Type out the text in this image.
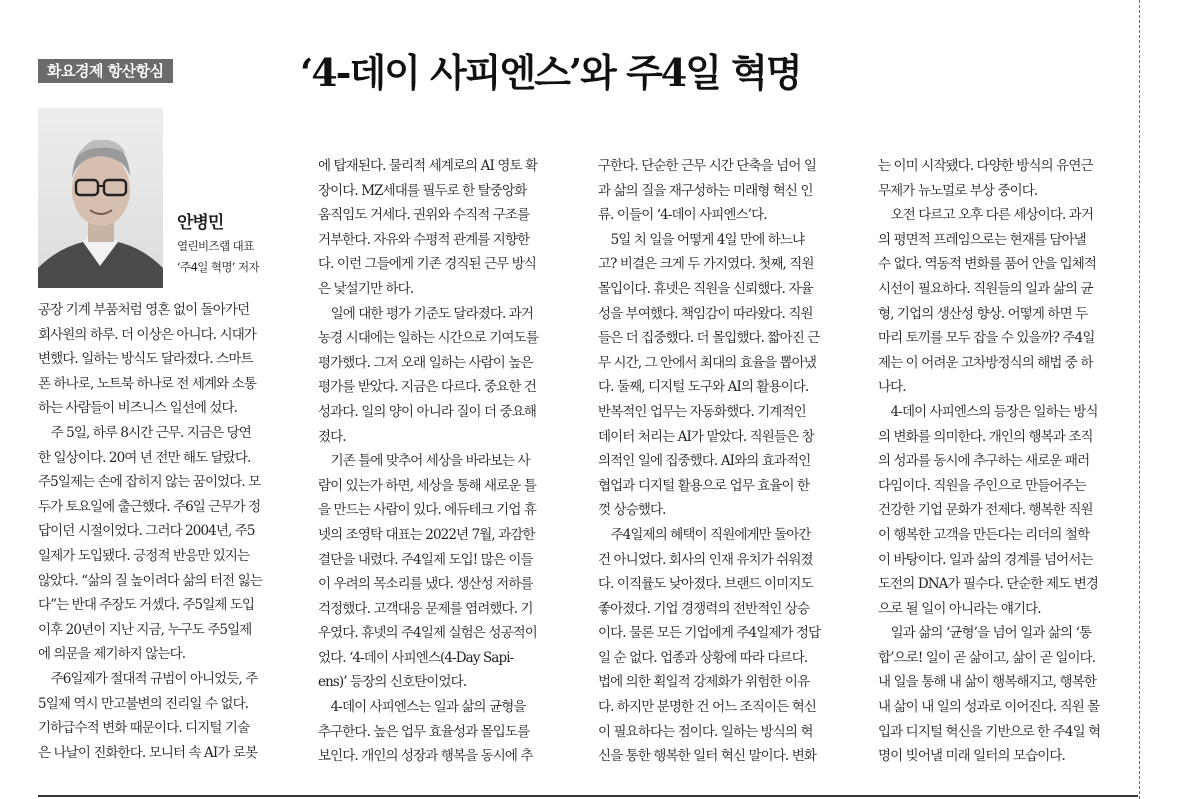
화요경제 항산항심	‘4-데이 사피엔스’와 주4일 혁명
안병민
열린비즈랩 대표
‘주4일 혁명’ 저자
공장 기계 부품처럼 영혼 없이 돌아가던
회사원의 하루. 더 이상은 아니다. 시대가
변했다. 일하는 방식도 달라졌다. 스마트
폰 하나로, 노트북 하나로 전 세계와 소통
하는 사람들이 비즈니스 일선에 섰다.
 주 5일, 하루 8시간 근무. 지금은 당연
한 일상이다. 20여 년 전만 해도 달랐다.
주5일제는 손에 잡히지 않는 꿈이었다. 모
두가 토요일에 출근했다. 주6일 근무가 정
답이던 시절이었다. 그러다 2004년, 주5
일제가 도입됐다. 긍정적 반응만 있지는
않았다. “삶의 질 높이려다 삶의 터전 잃는
다”는 반대 주장도 거셌다. 주5일제 도입
이후 20년이 지난 지금, 누구도 주5일제
에 의문을 제기하지 않는다.
 주6일제가 절대적 규범이 아니었듯, 주
5일제 역시 만고불변의 진리일 수 없다.
기하급수적 변화 때문이다. 디지털 기술
은 나날이 진화한다. 모니터 속 AI가 로봇
에 탑재된다. 물리적 세계로의 AI 영토 확
장이다. MZ세대를 필두로 한 탈중앙화
움직임도 거세다. 권위와 수직적 구조를
거부한다. 자유와 수평적 관계를 지향한
다. 이런 그들에게 기존 경직된 근무 방식
은 낯설기만 하다.
 일에 대한 평가 기준도 달라졌다. 과거
농경 시대에는 일하는 시간으로 기여도를
평가했다. 그저 오래 일하는 사람이 높은
평가를 받았다. 지금은 다르다. 중요한 건
성과다. 일의 양이 아니라 질이 더 중요해
졌다.
 기존 틀에 맞추어 세상을 바라보는 사
람이 있는가 하면, 세상을 통해 새로운 틀
을 만드는 사람이 있다. 에듀테크 기업 휴
넷의 조영탁 대표는 2022년 7월, 과감한
결단을 내렸다. 주4일제 도입! 많은 이들
이 우려의 목소리를 냈다. 생산성 저하를
걱정했다. 고객대응 문제를 염려했다. 기
우였다. 휴넷의 주4일제 실험은 성공적이
었다. ‘4-데이 사피엔스(4-Day Sapi-
ens)’ 등장의 신호탄이었다.
 4-데이 사피엔스는 일과 삶의 균형을
추구한다. 높은 업무 효율성과 몰입도를
보인다. 개인의 성장과 행복을 동시에 추
구한다. 단순한 근무 시간 단축을 넘어 일
과 삶의 질을 재구성하는 미래형 혁신 인
류. 이들이 ‘4-데이 사피엔스’다.
 5일 치 일을 어떻게 4일 만에 하느냐
고? 비결은 크게 두 가지였다. 첫째, 직원
몰입이다. 휴넷은 직원을 신뢰했다. 자율
성을 부여했다. 책임감이 따라왔다. 직원
들은 더 집중했다. 더 몰입했다. 짧아진 근
무 시간, 그 안에서 최대의 효율을 뽑아냈
다. 둘째, 디지털 도구와 AI의 활용이다.
반복적인 업무는 자동화했다. 기계적인
데이터 처리는 AI가 맡았다. 직원들은 창
의적인 일에 집중했다. AI와의 효과적인
협업과 디지털 활용으로 업무 효율이 한
껏 상승했다.
 주4일제의 혜택이 직원에게만 돌아간
건 아니었다. 회사의 인재 유치가 쉬워졌
다. 이직률도 낮아졌다. 브랜드 이미지도
좋아졌다. 기업 경쟁력의 전반적인 상승
이다. 물론 모든 기업에게 주4일제가 정답
일 순 없다. 업종과 상황에 따라 다르다.
법에 의한 획일적 강제화가 위험한 이유
다. 하지만 분명한 건 어느 조직이든 혁신
이 필요하다는 점이다. 일하는 방식의 혁
신을 통한 행복한 일터 혁신 말이다. 변화
는 이미 시작됐다. 다양한 방식의 유연근
무제가 뉴노멀로 부상 중이다.
 오전 다르고 오후 다른 세상이다. 과거
의 평면적 프레임으로는 현재를 담아낼
수 없다. 역동적 변화를 품어 안을 입체적
시선이 필요하다. 직원들의 일과 삶의 균
형, 기업의 생산성 향상. 어떻게 하면 두
마리 토끼를 모두 잡을 수 있을까? 주4일
제는 이 어려운 고차방정식의 해법 중 하
나다.
 4-데이 사피엔스의 등장은 일하는 방식
의 변화를 의미한다. 개인의 행복과 조직
의 성과를 동시에 추구하는 새로운 패러
다임이다. 직원을 주인으로 만들어주는
건강한 기업 문화가 전제다. 행복한 직원
이 행복한 고객을 만든다는 리더의 철학
이 바탕이다. 일과 삶의 경계를 넘어서는
도전의 DNA가 필수다. 단순한 제도 변경
으로 될 일이 아니라는 얘기다.
 일과 삶의 ‘균형’을 넘어 일과 삶의 ‘통
합’으로! 일이 곧 삶이고, 삶이 곧 일이다.
내 일을 통해 내 삶이 행복해지고, 행복한
내 삶이 내 일의 성과로 이어진다. 직원 몰
입과 디지털 혁신을 기반으로 한 주4일 혁
명이 빚어낼 미래 일터의 모습이다.
